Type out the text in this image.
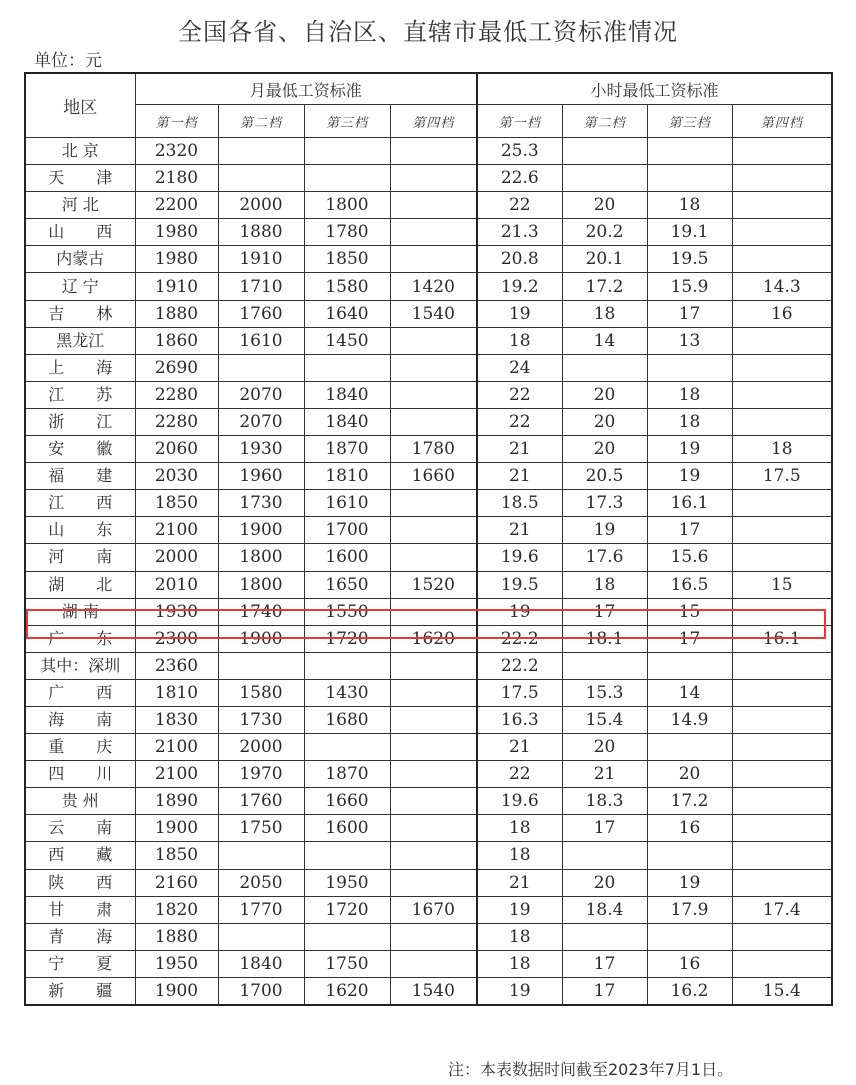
全国各省、自治区、直辖市最低工资标准情况
单位：元
地区	月最低工资标准				小时最低工资标准			
	第一档	第二档	第三档	第四档	第一档	第二档	第三档	第四档
北 京	2320				25.3			
天　　津	2180				22.6			
河 北	2200	2000	1800		22	20	18	
山　　西	1980	1880	1780		21.3	20.2	19.1	
内蒙古	1980	1910	1850		20.8	20.1	19.5	
辽 宁	1910	1710	1580	1420	19.2	17.2	15.9	14.3
吉　　林	1880	1760	1640	1540	19	18	17	16
黑龙江	1860	1610	1450		18	14	13	
上　　海	2690				24			
江　　苏	2280	2070	1840		22	20	18	
浙　　江	2280	2070	1840		22	20	18	
安　　徽	2060	1930	1870	1780	21	20	19	18
福　　建	2030	1960	1810	1660	21	20.5	19	17.5
江　　西	1850	1730	1610		18.5	17.3	16.1	
山　　东	2100	1900	1700		21	19	17	
河　　南	2000	1800	1600		19.6	17.6	15.6	
湖　　北	2010	1800	1650	1520	19.5	18	16.5	15
湖 南	1930	1740	1550		19	17	15	
广　　东	2300	1900	1720	1620	22.2	18.1	17	16.1
其中：深圳	2360				22.2			
广　　西	1810	1580	1430		17.5	15.3	14	
海　　南	1830	1730	1680		16.3	15.4	14.9	
重　　庆	2100	2000			21	20		
四　　川	2100	1970	1870		22	21	20	
贵 州	1890	1760	1660		19.6	18.3	17.2	
云　　南	1900	1750	1600		18	17	16	
西　　藏	1850				18			
陕　　西	2160	2050	1950		21	20	19	
甘　　肃	1820	1770	1720	1670	19	18.4	17.9	17.4
青　　海	1880				18			
宁　　夏	1950	1840	1750		18	17	16	
新　　疆	1900	1700	1620	1540	19	17	16.2	15.4
注：本表数据时间截至2023年7月1日。
